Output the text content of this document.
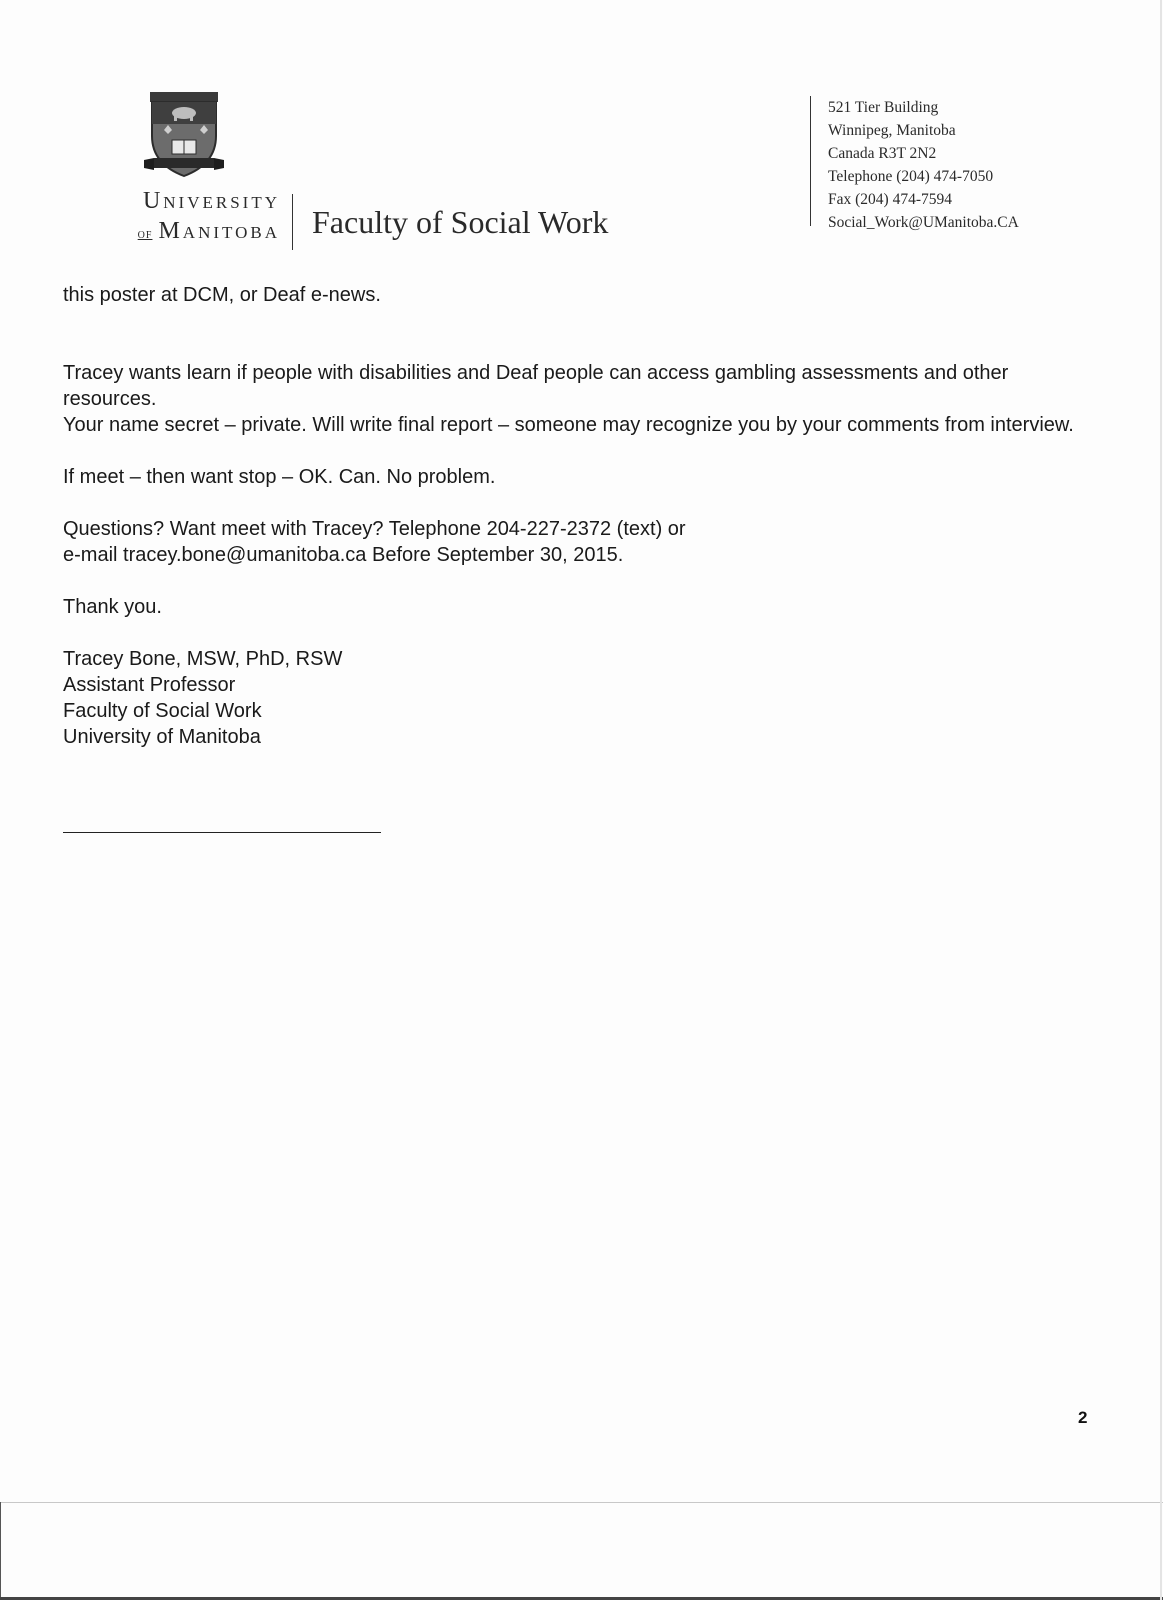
University
of Manitoba Faculty of Social Work
521 Tier Building
Winnipeg, Manitoba
Canada R3T 2N2
Telephone (204) 474-7050
Fax (204) 474-7594
Social_Work@UManitoba.CA

this poster at DCM, or Deaf e-news.

Tracey wants learn if people with disabilities and Deaf people can access gambling assessments and other resources.

Your name secret – private. Will write final report – someone may recognize you by your comments from interview.

If meet – then want stop – OK. Can. No problem.

Questions? Want meet with Tracey? Telephone 204-227-2372 (text) or

e-mail tracey.bone@umanitoba.ca Before September 30, 2015.

Thank you.

Tracey Bone, MSW, PhD, RSW

Assistant Professor

Faculty of Social Work

University of Manitoba

2
